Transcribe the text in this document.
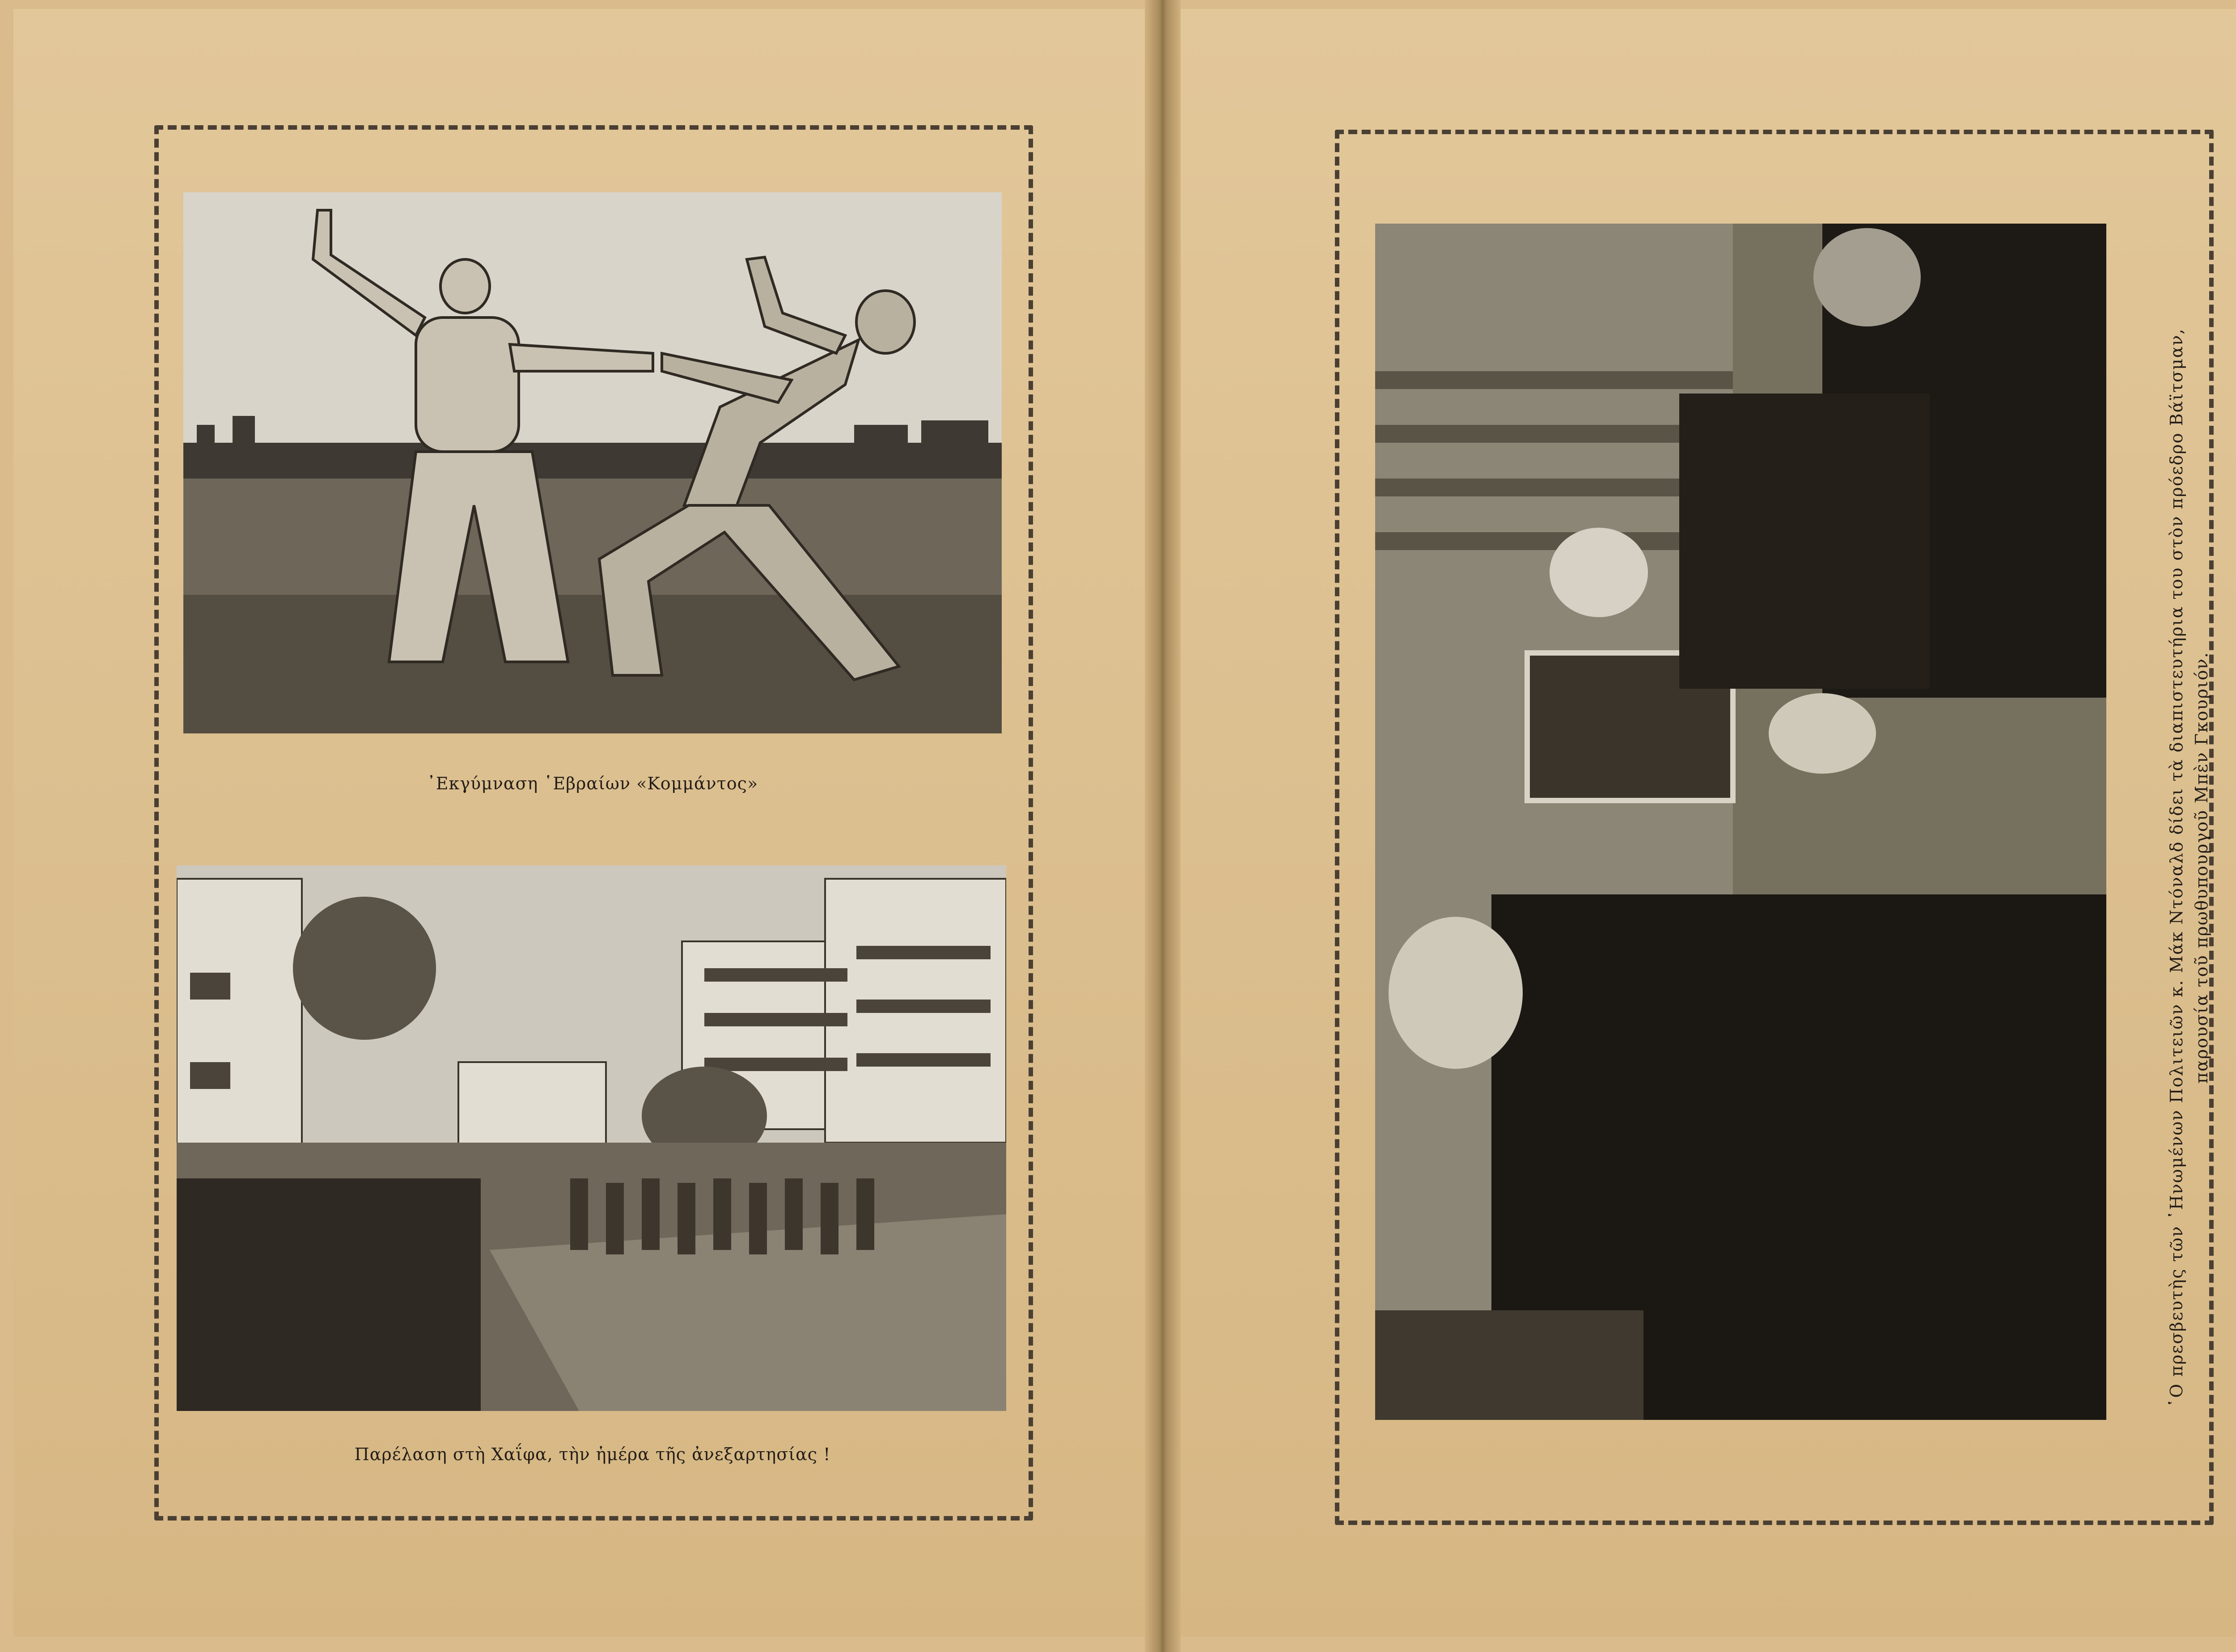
᾿Εκγύμναση ῾Εβραίων «Κομμάντος»
Παρέλαση στὴ Χαΐφα, τὴν ἡμέρα τῆς ἀνεξαρτησίας !
῾Ο πρεσβευτὴς τῶν ῾Ηνωμένων Πολιτειῶν κ. Μάκ Ντόναλδ δίδει τὰ διαπιστευτήρια του στὸν πρόεδρο Βάϊτσμαν, παρουσία τοῦ πρωθυπουργοῦ Μπὲν Γκουριόν.
